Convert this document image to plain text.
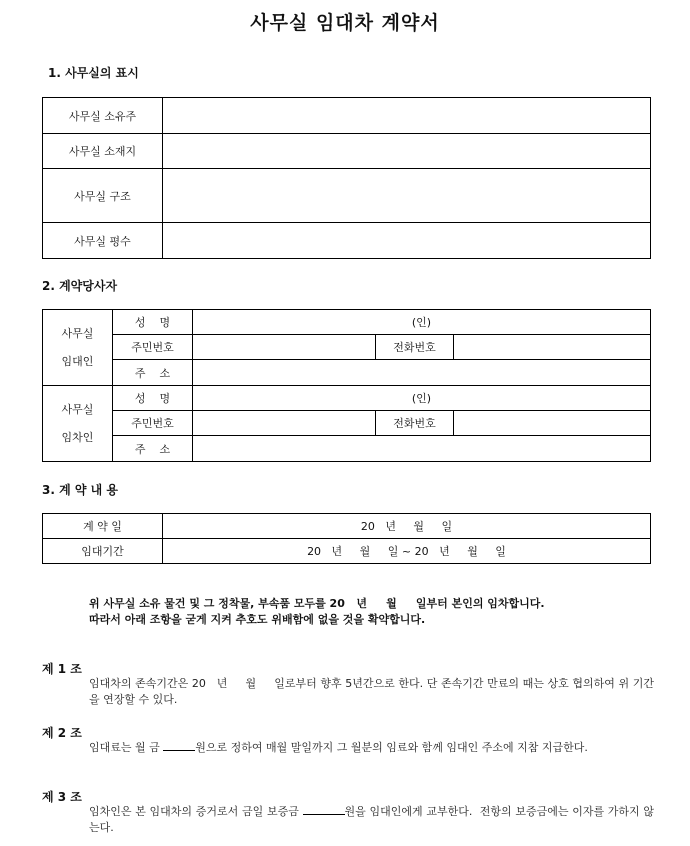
사무실 임대차 계약서
1. 사무실의 표시
사무실 소유주	
사무실 소재지	
사무실 구조	
사무실 평수	
2. 계약당사자
사무실
임대인	성    명	(인)		
	주민번호		전화번호	
	주    소			

사무실
임차인	성    명	(인)		
	주민번호		전화번호	
	주    소			
3. 계 약 내 용
계 약 일	20   년     월     일
임대기간	20   년     월     일 ~ 20   년     월     일
위 사무실 소유 물건 및 그 정착물, 부속품 모두를 20   년     월     일부터 본인의 임차합니다.
따라서 아래 조항을 굳게 지켜 추호도 위배함에 없을 것을 확약합니다.
제 1 조
임대차의 존속기간은 20   년     월     일로부터 향후 5년간으로 한다. 단 존속기간 만료의 때는 상호 협의하여 위 기간을 연장할 수 있다.
제 2 조
임대료는 월 금	원으로 정하여 매월 말일까지 그 월분의 임료와 함께 임대인 주소에 지참 지급한다.
제 3 조
임차인은 본 임대차의 증거로서 금일 보증금	원을 임대인에게 교부한다.  전항의 보증금에는 이자를 가하지 않는다.
